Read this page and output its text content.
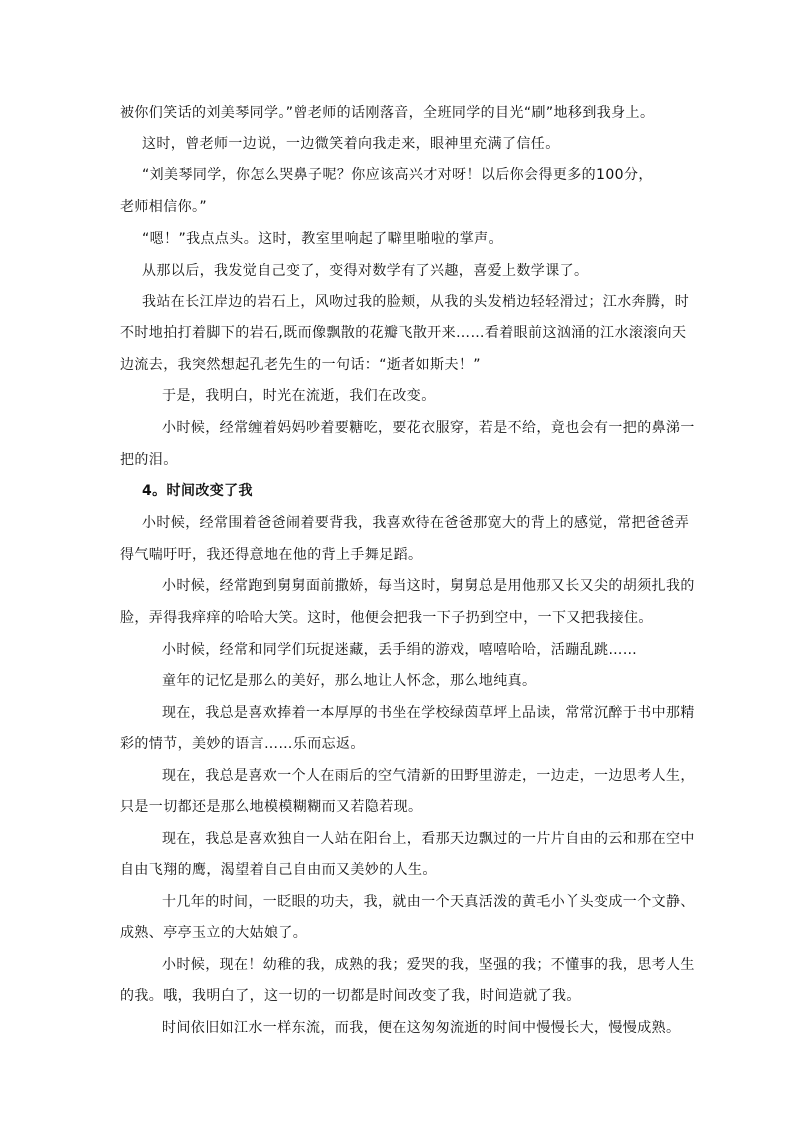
被你们笑话的刘美琴同学。”曾老师的话刚落音，全班同学的目光“刷”地移到我身上。
这时，曾老师一边说，一边微笑着向我走来，眼神里充满了信任。
“刘美琴同学，你怎么哭鼻子呢？你应该高兴才对呀！以后你会得更多的100分，
老师相信你。”
“嗯！”我点点头。这时，教室里响起了噼里啪啦的掌声。
从那以后，我发觉自己变了，变得对数学有了兴趣，喜爱上数学课了。
我站在长江岸边的岩石上，风吻过我的脸颊，从我的头发梢边轻轻滑过；江水奔腾，时
不时地拍打着脚下的岩石,既而像飘散的花瓣飞散开来……看着眼前这汹涌的江水滚滚向天
边流去，我突然想起孔老先生的一句话：“逝者如斯夫！”
于是，我明白，时光在流逝，我们在改变。
小时候，经常缠着妈妈吵着要糖吃，要花衣服穿，若是不给，竟也会有一把的鼻涕一
把的泪。
4。时间改变了我
小时候，经常围着爸爸闹着要背我，我喜欢待在爸爸那宽大的背上的感觉，常把爸爸弄
得气喘吁吁，我还得意地在他的背上手舞足蹈。
小时候，经常跑到舅舅面前撒娇，每当这时，舅舅总是用他那又长又尖的胡须扎我的
脸，弄得我痒痒的哈哈大笑。这时，他便会把我一下子扔到空中，一下又把我接住。
小时候，经常和同学们玩捉迷藏，丢手绢的游戏，嘻嘻哈哈，活蹦乱跳……
童年的记忆是那么的美好，那么地让人怀念，那么地纯真。
现在，我总是喜欢捧着一本厚厚的书坐在学校绿茵草坪上品读，常常沉醉于书中那精
彩的情节，美妙的语言……乐而忘返。
现在，我总是喜欢一个人在雨后的空气清新的田野里游走，一边走，一边思考人生，
只是一切都还是那么地模模糊糊而又若隐若现。
现在，我总是喜欢独自一人站在阳台上，看那天边飘过的一片片自由的云和那在空中
自由飞翔的鹰，渴望着自己自由而又美妙的人生。
十几年的时间，一眨眼的功夫，我，就由一个天真活泼的黄毛小丫头变成一个文静、
成熟、亭亭玉立的大姑娘了。
小时候，现在！幼稚的我，成熟的我；爱哭的我，坚强的我；不懂事的我，思考人生
的我。哦，我明白了，这一切的一切都是时间改变了我，时间造就了我。
时间依旧如江水一样东流，而我，便在这匆匆流逝的时间中慢慢长大，慢慢成熟。
